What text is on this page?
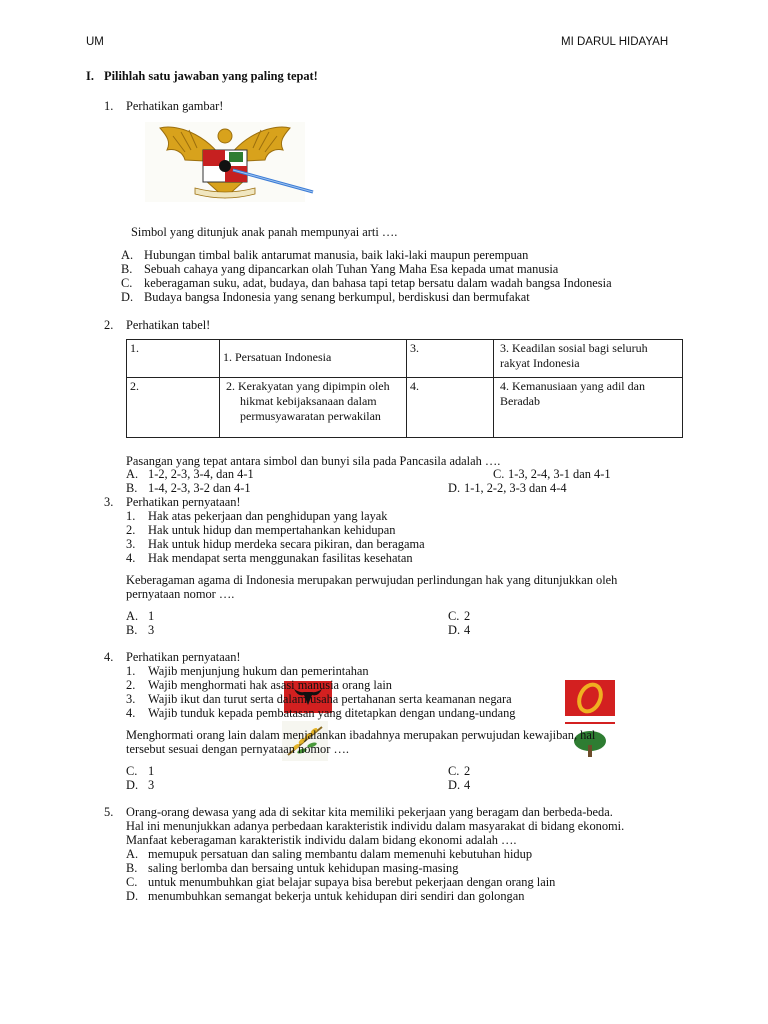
UM	MI DARUL HIDAYAH
I. Pilihlah satu jawaban yang paling tepat!
1. Perhatikan gambar!
Simbol yang ditunjuk anak panah mempunyai arti ….
A. Hubungan timbal balik antarumat manusia, baik laki-laki maupun perempuan
B. Sebuah cahaya yang dipancarkan olah Tuhan Yang Maha Esa kepada umat manusia
C. keberagaman suku, adat, budaya, dan bahasa tapi tetap bersatu dalam wadah bangsa Indonesia
D. Budaya bangsa Indonesia yang senang berkumpul, berdiskusi dan bermufakat
2. Perhatikan tabel!
1.	1. Persatuan Indonesia	3.	3. Keadilan sosial bagi seluruh rakyat Indonesia
2.	2. Kerakyatan yang dipimpin oleh hikmat kebijaksanaan dalam permusyawaratan perwakilan	4.	4. Kemanusiaan yang adil dan Beradab
Pasangan yang tepat antara simbol dan bunyi sila pada Pancasila adalah ….
A. 1-2, 2-3, 3-4, dan 4-1	C. 1-3, 2-4, 3-1 dan 4-1
B. 1-4, 2-3, 3-2 dan 4-1	D. 1-1, 2-2, 3-3 dan 4-4
3. Perhatikan pernyataan!
1. Hak atas pekerjaan dan penghidupan yang layak
2. Hak untuk hidup dan mempertahankan kehidupan
3. Hak untuk hidup merdeka secara pikiran, dan beragama
4. Hak mendapat serta menggunakan fasilitas kesehatan
Keberagaman agama di Indonesia merupakan perwujudan perlindungan hak yang ditunjukkan oleh
pernyataan nomor ….
A. 1	C. 2
B. 3	D. 4
4. Perhatikan pernyataan!
1. Wajib menjunjung hukum dan pemerintahan
2. Wajib menghormati hak asasi manusia orang lain
3. Wajib ikut dan turut serta dalam usaha pertahanan serta keamanan negara
4. Wajib tunduk kepada pembatasan yang ditetapkan dengan undang-undang
Menghormati orang lain dalam menjalankan ibadahnya merupakan perwujudan kewajiban, hal
tersebut sesuai dengan pernyataan nomor ….
C. 1	C. 2
D. 3	D. 4
5. Orang-orang dewasa yang ada di sekitar kita memiliki pekerjaan yang beragam dan berbeda-beda.
Hal ini menunjukkan adanya perbedaan karakteristik individu dalam masyarakat di bidang ekonomi.
Manfaat keberagaman karakteristik individu dalam bidang ekonomi adalah ….
A. memupuk persatuan dan saling membantu dalam memenuhi kebutuhan hidup
B. saling berlomba dan bersaing untuk kehidupan masing-masing
C. untuk menumbuhkan giat belajar supaya bisa berebut pekerjaan dengan orang lain
D. menumbuhkan semangat bekerja untuk kehidupan diri sendiri dan golongan
